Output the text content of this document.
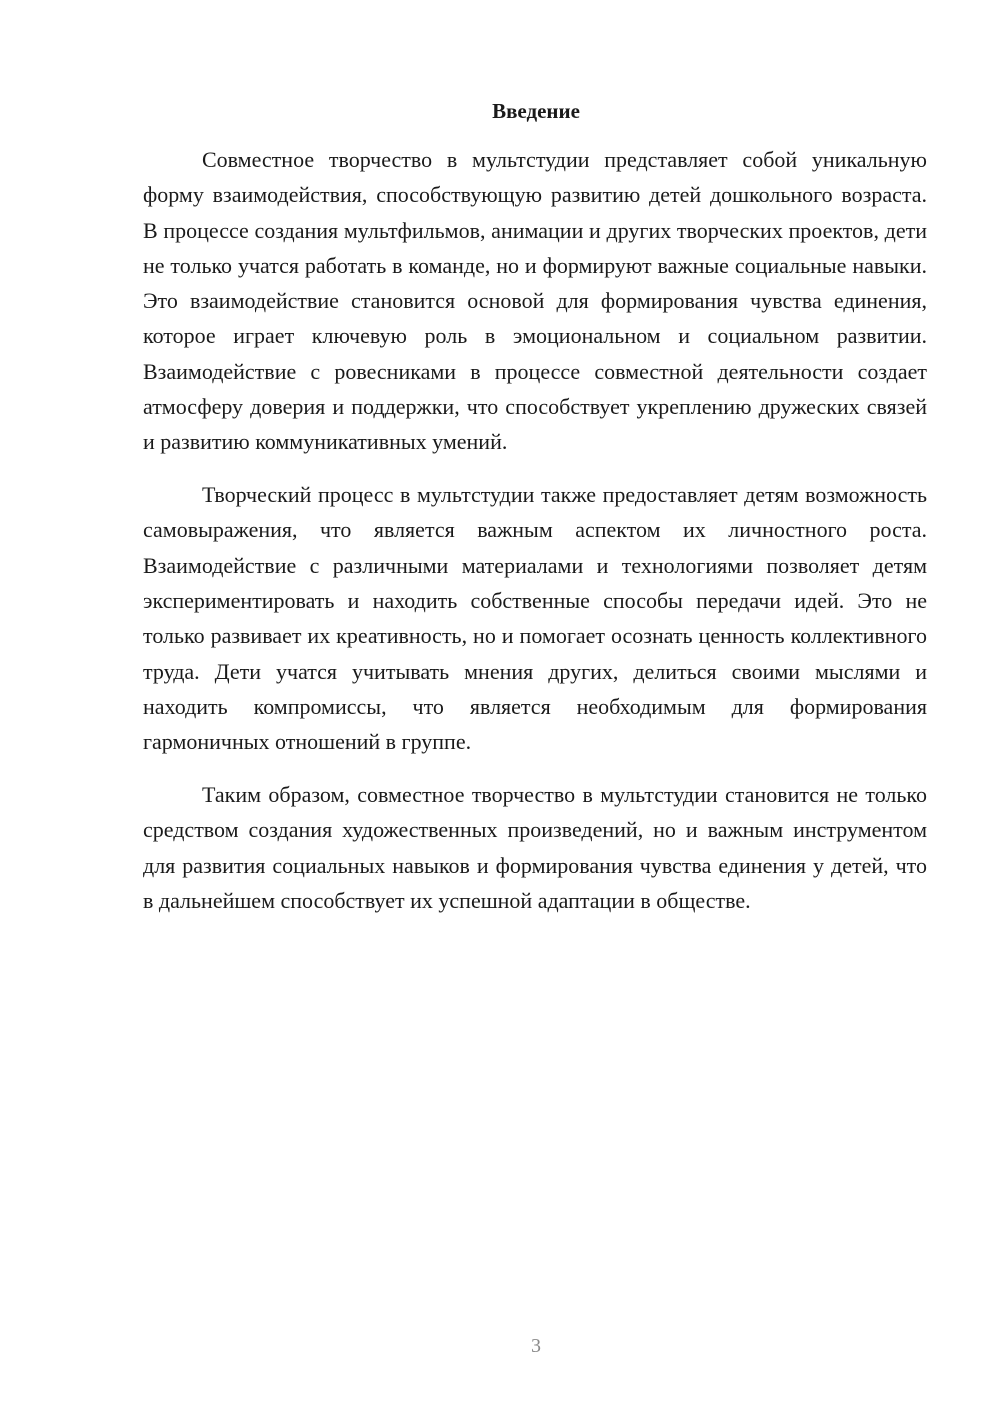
Введение

Совместное творчество в мультстудии представляет собой уникальную форму взаимодействия, способствующую развитию детей дошкольного возраста. В процессе создания мультфильмов, анимации и других творческих проектов, дети не только учатся работать в команде, но и формируют важные социальные навыки. Это взаимодействие становится основой для формирования чувства единения, которое играет ключевую роль в эмоциональном и социальном развитии. Взаимодействие с ровесниками в процессе совместной деятельности создает атмосферу доверия и поддержки, что способствует укреплению дружеских связей и развитию коммуникативных умений.

Творческий процесс в мультстудии также предоставляет детям возможность самовыражения, что является важным аспектом их личностного роста. Взаимодействие с различными материалами и технологиями позволяет детям экспериментировать и находить собственные способы передачи идей. Это не только развивает их креативность, но и помогает осознать ценность коллективного труда. Дети учатся учитывать мнения других, делиться своими мыслями и находить компромиссы, что является необходимым для формирования гармоничных отношений в группе.

Таким образом, совместное творчество в мультстудии становится не только средством создания художественных произведений, но и важным инструментом для развития социальных навыков и формирования чувства единения у детей, что в дальнейшем способствует их успешной адаптации в обществе.

3
